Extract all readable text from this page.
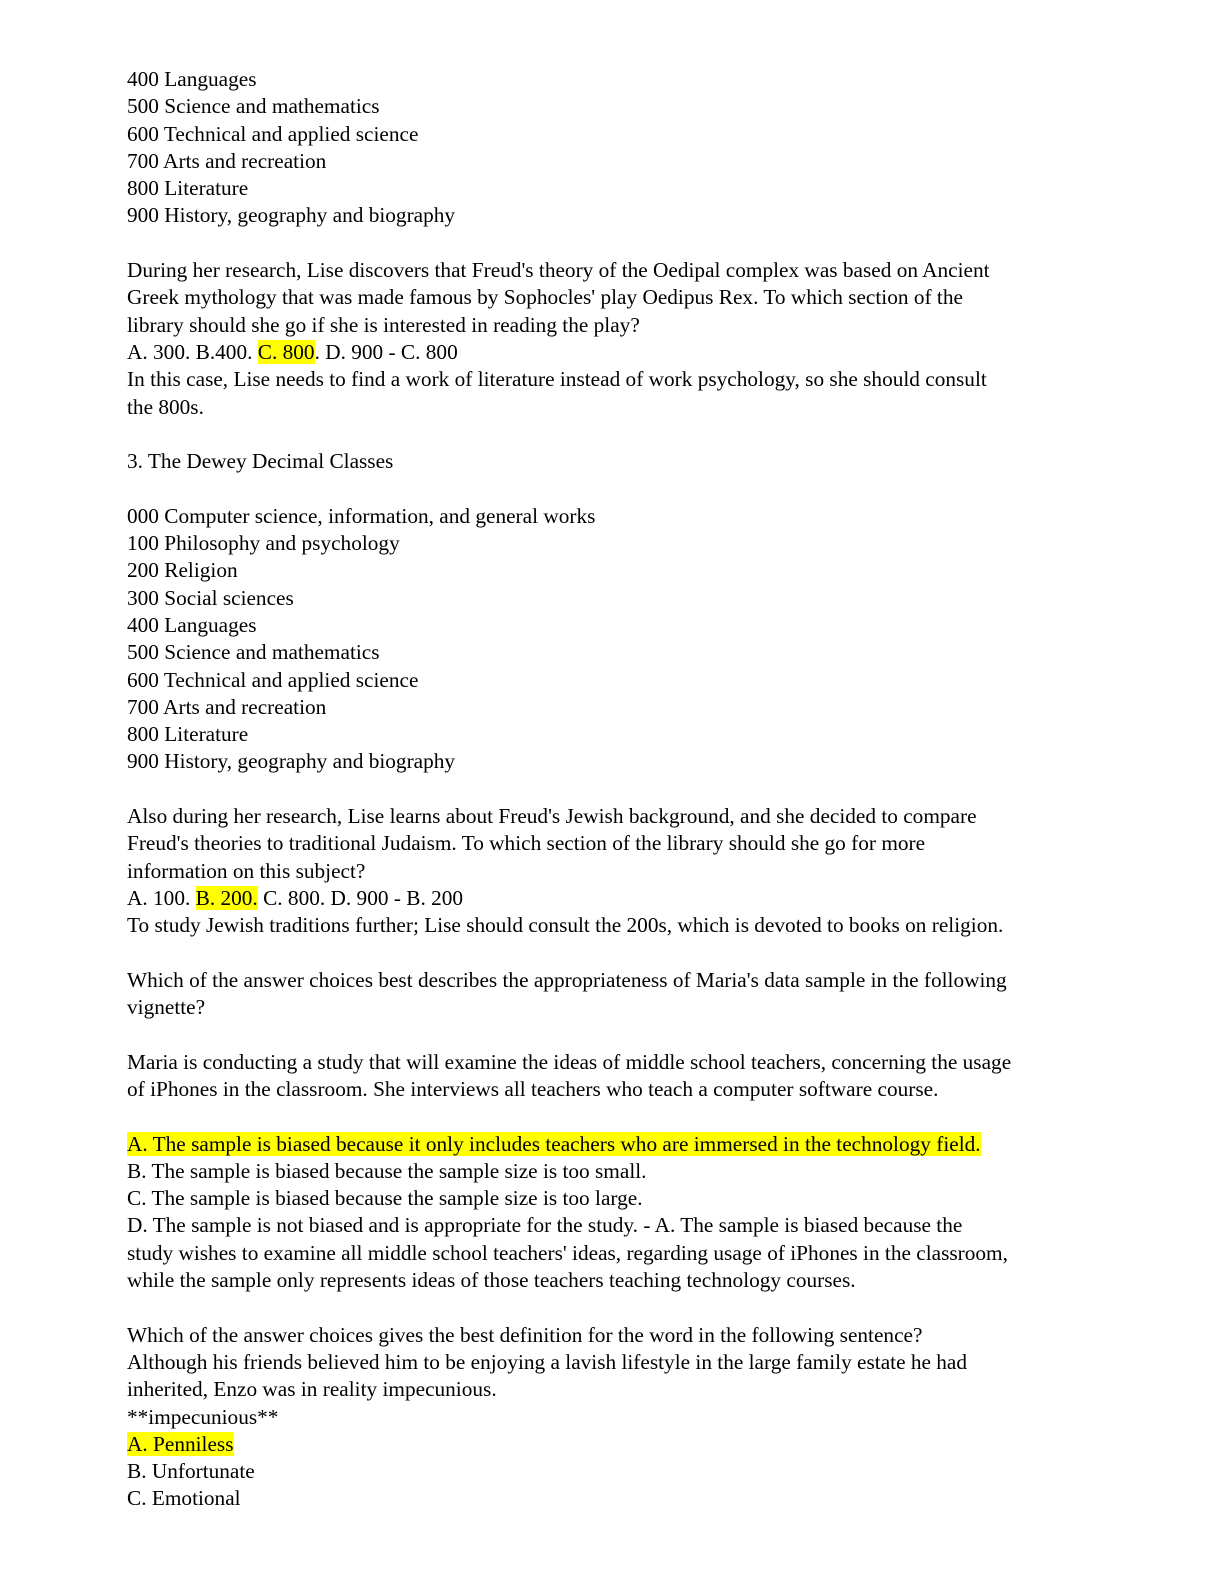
400 Languages
500 Science and mathematics
600 Technical and applied science
700 Arts and recreation
800 Literature
900 History, geography and biography
During her research, Lise discovers that Freud's theory of the Oedipal complex was based on Ancient
Greek mythology that was made famous by Sophocles' play Oedipus Rex. To which section of the
library should she go if she is interested in reading the play?
A. 300. B.400. C. 800. D. 900 - C. 800
In this case, Lise needs to find a work of literature instead of work psychology, so she should consult
the 800s.
3. The Dewey Decimal Classes
000 Computer science, information, and general works
100 Philosophy and psychology
200 Religion
300 Social sciences
400 Languages
500 Science and mathematics
600 Technical and applied science
700 Arts and recreation
800 Literature
900 History, geography and biography
Also during her research, Lise learns about Freud's Jewish background, and she decided to compare
Freud's theories to traditional Judaism. To which section of the library should she go for more
information on this subject?
A. 100. B. 200. C. 800. D. 900 - B. 200
To study Jewish traditions further; Lise should consult the 200s, which is devoted to books on religion.
Which of the answer choices best describes the appropriateness of Maria's data sample in the following
vignette?
Maria is conducting a study that will examine the ideas of middle school teachers, concerning the usage
of iPhones in the classroom. She interviews all teachers who teach a computer software course.
A. The sample is biased because it only includes teachers who are immersed in the technology field.
B. The sample is biased because the sample size is too small.
C. The sample is biased because the sample size is too large.
D. The sample is not biased and is appropriate for the study. - A. The sample is biased because the
study wishes to examine all middle school teachers' ideas, regarding usage of iPhones in the classroom,
while the sample only represents ideas of those teachers teaching technology courses.
Which of the answer choices gives the best definition for the word in the following sentence?
Although his friends believed him to be enjoying a lavish lifestyle in the large family estate he had
inherited, Enzo was in reality impecunious.
**impecunious**
A. Penniless
B. Unfortunate
C. Emotional
